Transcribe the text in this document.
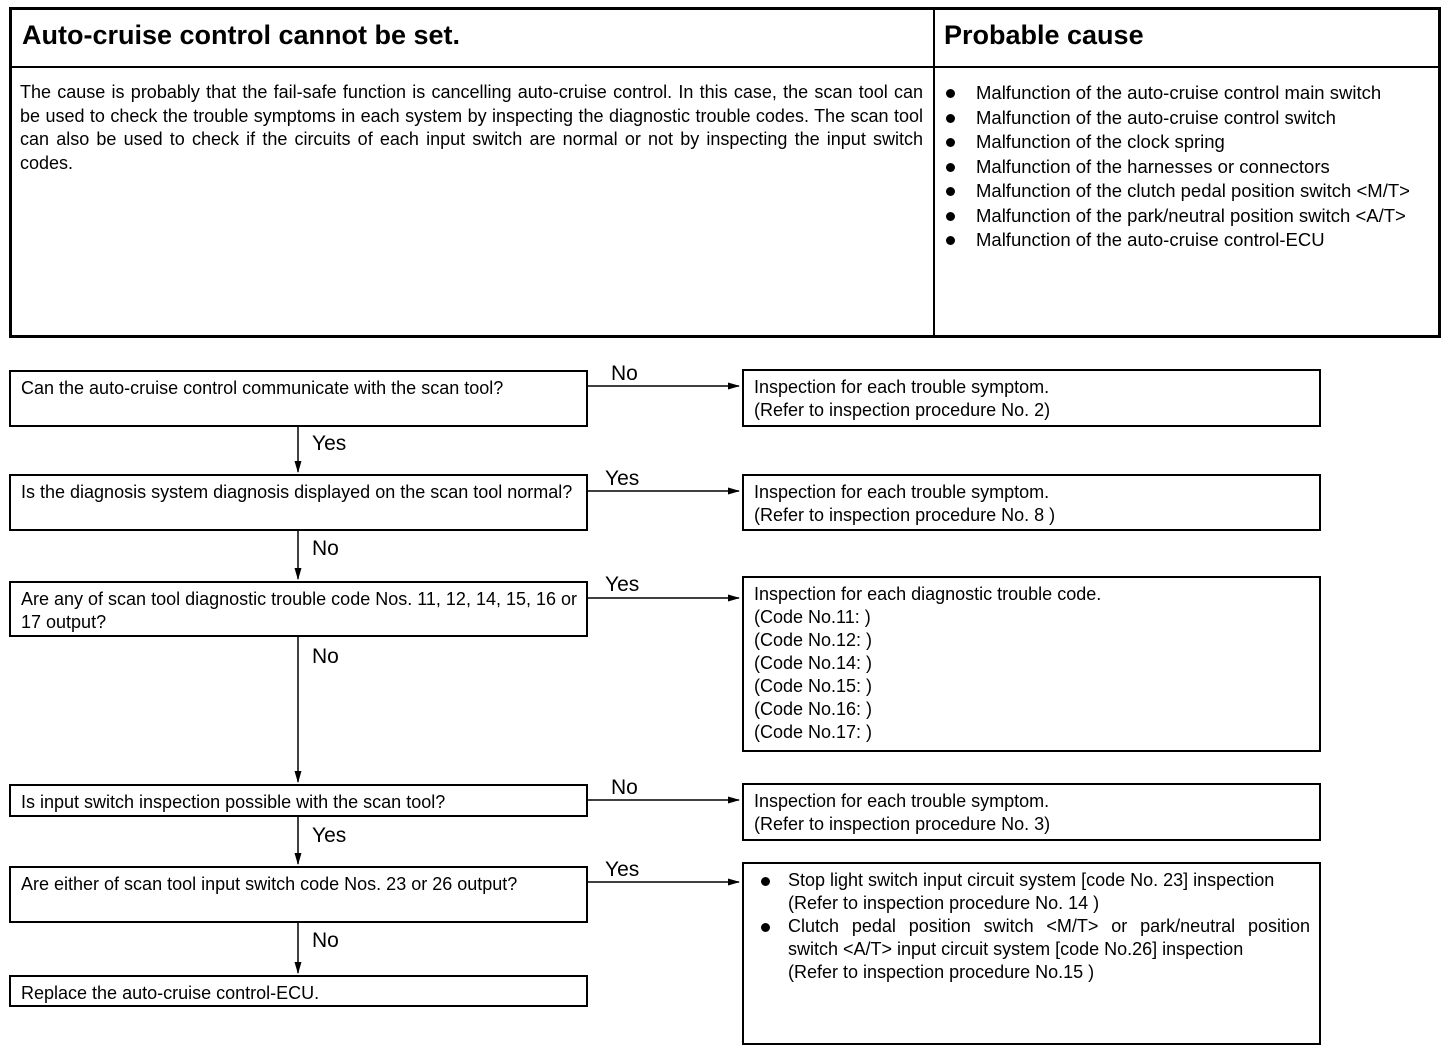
Auto-cruise control cannot be set.	Probable cause
The cause is probably that the fail-safe function is cancelling auto-cruise control. In this case, the scan tool can be used to check the trouble symptoms in each system by inspecting the diagnostic trouble codes. The scan tool can also be used to check if the circuits of each input switch are normal or not by inspecting the input switch codes.
Malfunction of the auto-cruise control main switch
Malfunction of the auto-cruise control switch
Malfunction of the clock spring
Malfunction of the harnesses or connectors
Malfunction of the clutch pedal position switch <M/T>
Malfunction of the park/neutral position switch <A/T>
Malfunction of the auto-cruise control-ECU
No
Yes
Yes
No
Yes
No
No
Yes
Yes
No
Can the auto-cruise control communicate with the scan tool?
Is the diagnosis system diagnosis displayed on the scan tool normal?
Are any of scan tool diagnostic trouble code Nos. 11, 12, 14, 15, 16 or 17 output?
Is input switch inspection possible with the scan tool?
Are either of scan tool input switch code Nos. 23 or 26 output?
Replace the auto-cruise control-ECU.
Inspection for each trouble symptom.
(Refer to inspection procedure No. 2)
Inspection for each trouble symptom.
(Refer to inspection procedure No. 8 )
Inspection for each diagnostic trouble code.
(Code No.11: )
(Code No.12: )
(Code No.14: )
(Code No.15: )
(Code No.16: )
(Code No.17: )
Inspection for each trouble symptom.
(Refer to inspection procedure No. 3)
Stop light switch input circuit system [code No. 23] inspection
(Refer to inspection procedure No. 14 )
Clutch pedal position switch <M/T> or park/neutral position switch <A/T> input circuit system [code No.26] inspection
(Refer to inspection procedure No.15 )
